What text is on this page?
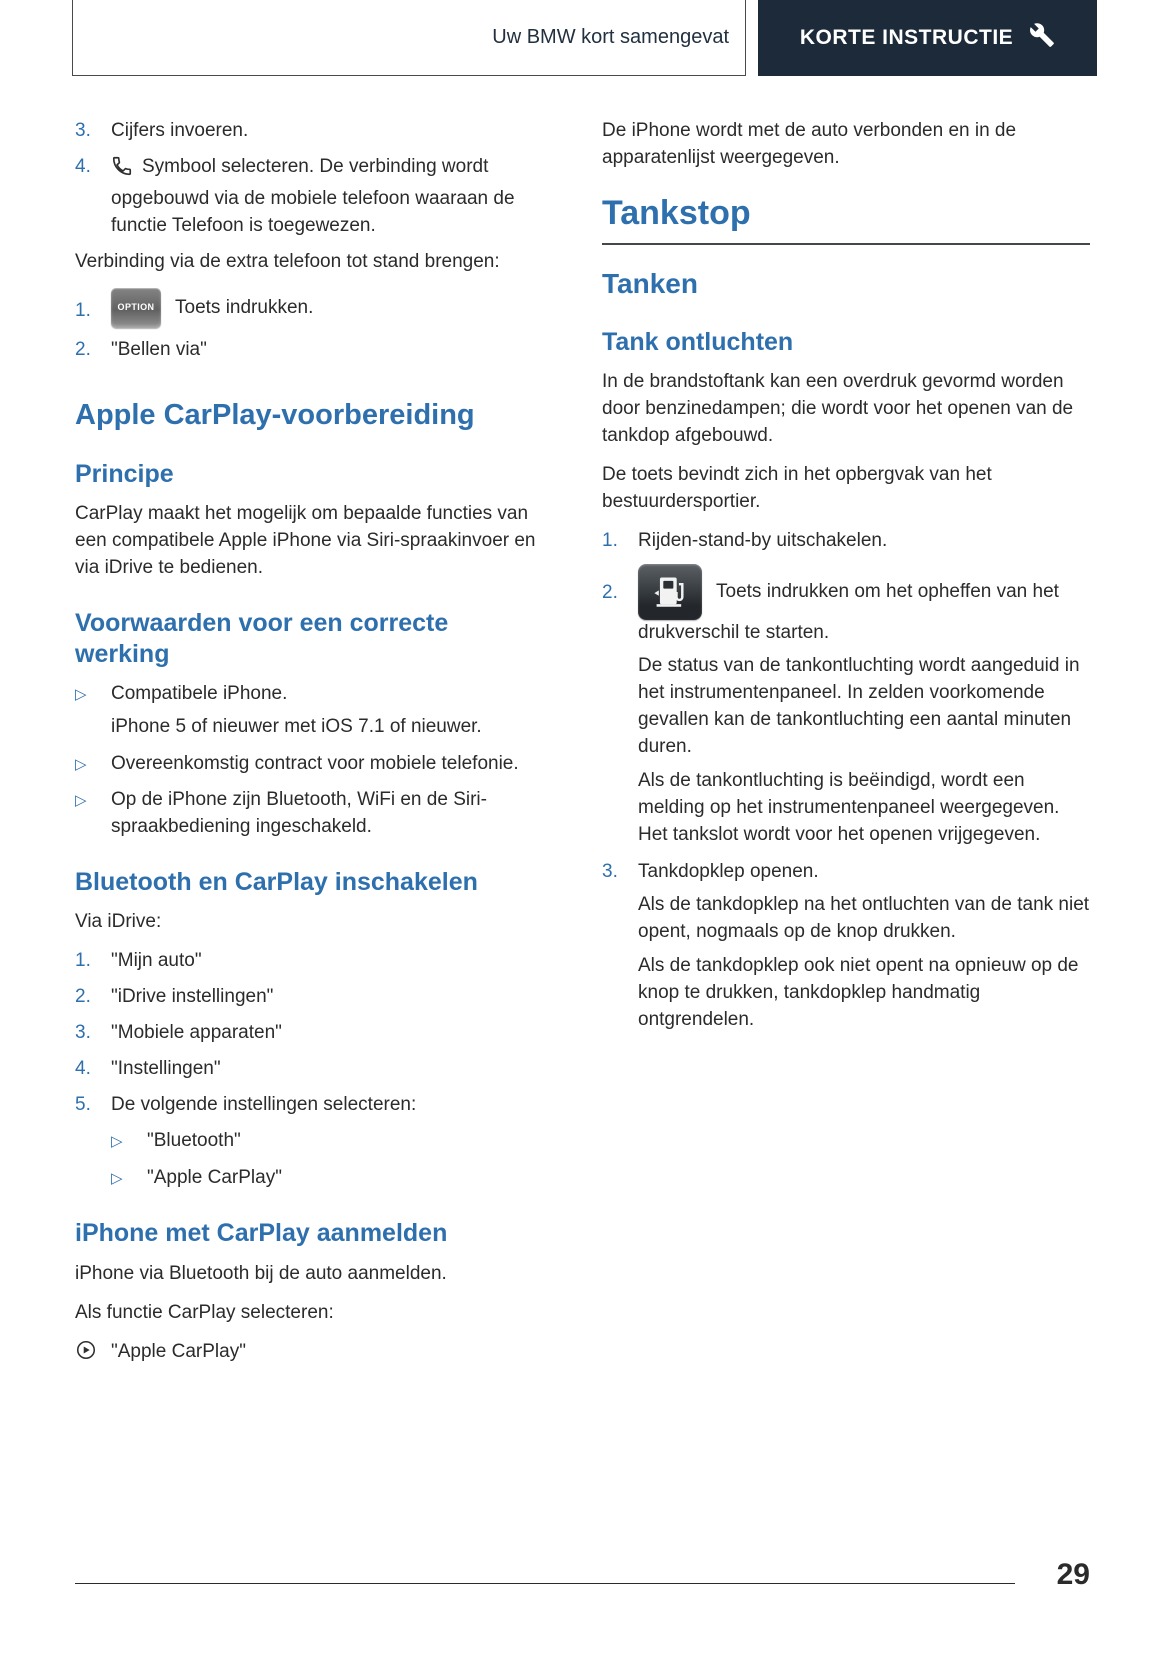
Uw BMW kort samengevat	KORTE INSTRUCTIE
3.	Cijfers invoeren.
4.	Symbool selecteren. De verbinding wordt opgebouwd via de mobiele telefoon waaraan de functie Telefoon is toegewezen.

Verbinding via de extra telefoon tot stand brengen:

1.	OPTION Toets indrukken.
2.	"Bellen via"
Apple CarPlay-voorbereiding
Principe

CarPlay maakt het mogelijk om bepaalde functies van een compatibele Apple iPhone via Siri-spraakinvoer en via iDrive te bedienen.

Voorwaarden voor een correcte werking
▷	Compatibele iPhone.

iPhone 5 of nieuwer met iOS 7.1 of nieuwer.

▷	Overeenkomstig contract voor mobiele telefonie.
▷	Op de iPhone zijn Bluetooth, WiFi en de Siri-spraakbediening ingeschakeld.
Bluetooth en CarPlay inschakelen

Via iDrive:

1.	"Mijn auto"
2.	"iDrive instellingen"
3.	"Mobiele apparaten"
4.	"Instellingen"
5.	De volgende instellingen selecteren:
▷	"Bluetooth"
▷	"Apple CarPlay"
iPhone met CarPlay aanmelden

iPhone via Bluetooth bij de auto aanmelden.

Als functie CarPlay selecteren:

"Apple CarPlay"

De iPhone wordt met de auto verbonden en in de apparatenlijst weergegeven.

Tankstop
Tanken
Tank ontluchten

In de brandstoftank kan een overdruk gevormd worden door benzinedampen; die wordt voor het openen van de tankdop afgebouwd.

De toets bevindt zich in het opbergvak van het bestuurdersportier.

1.	Rijden-stand-by uitschakelen.
2.	Toets indrukken om het opheffen van het drukverschil te starten.

De status van de tankontluchting wordt aangeduid in het instrumentenpaneel. In zelden voorkomende gevallen kan de tankontluchting een aantal minuten duren.

Als de tankontluchting is beëindigd, wordt een melding op het instrumentenpaneel weergegeven. Het tankslot wordt voor het openen vrijgegeven.

3.	Tankdopklep openen.

Als de tankdopklep na het ontluchten van de tank niet opent, nogmaals op de knop drukken.

Als de tankdopklep ook niet opent na opnieuw op de knop te drukken, tankdopklep handmatig ontgrendelen.

29
